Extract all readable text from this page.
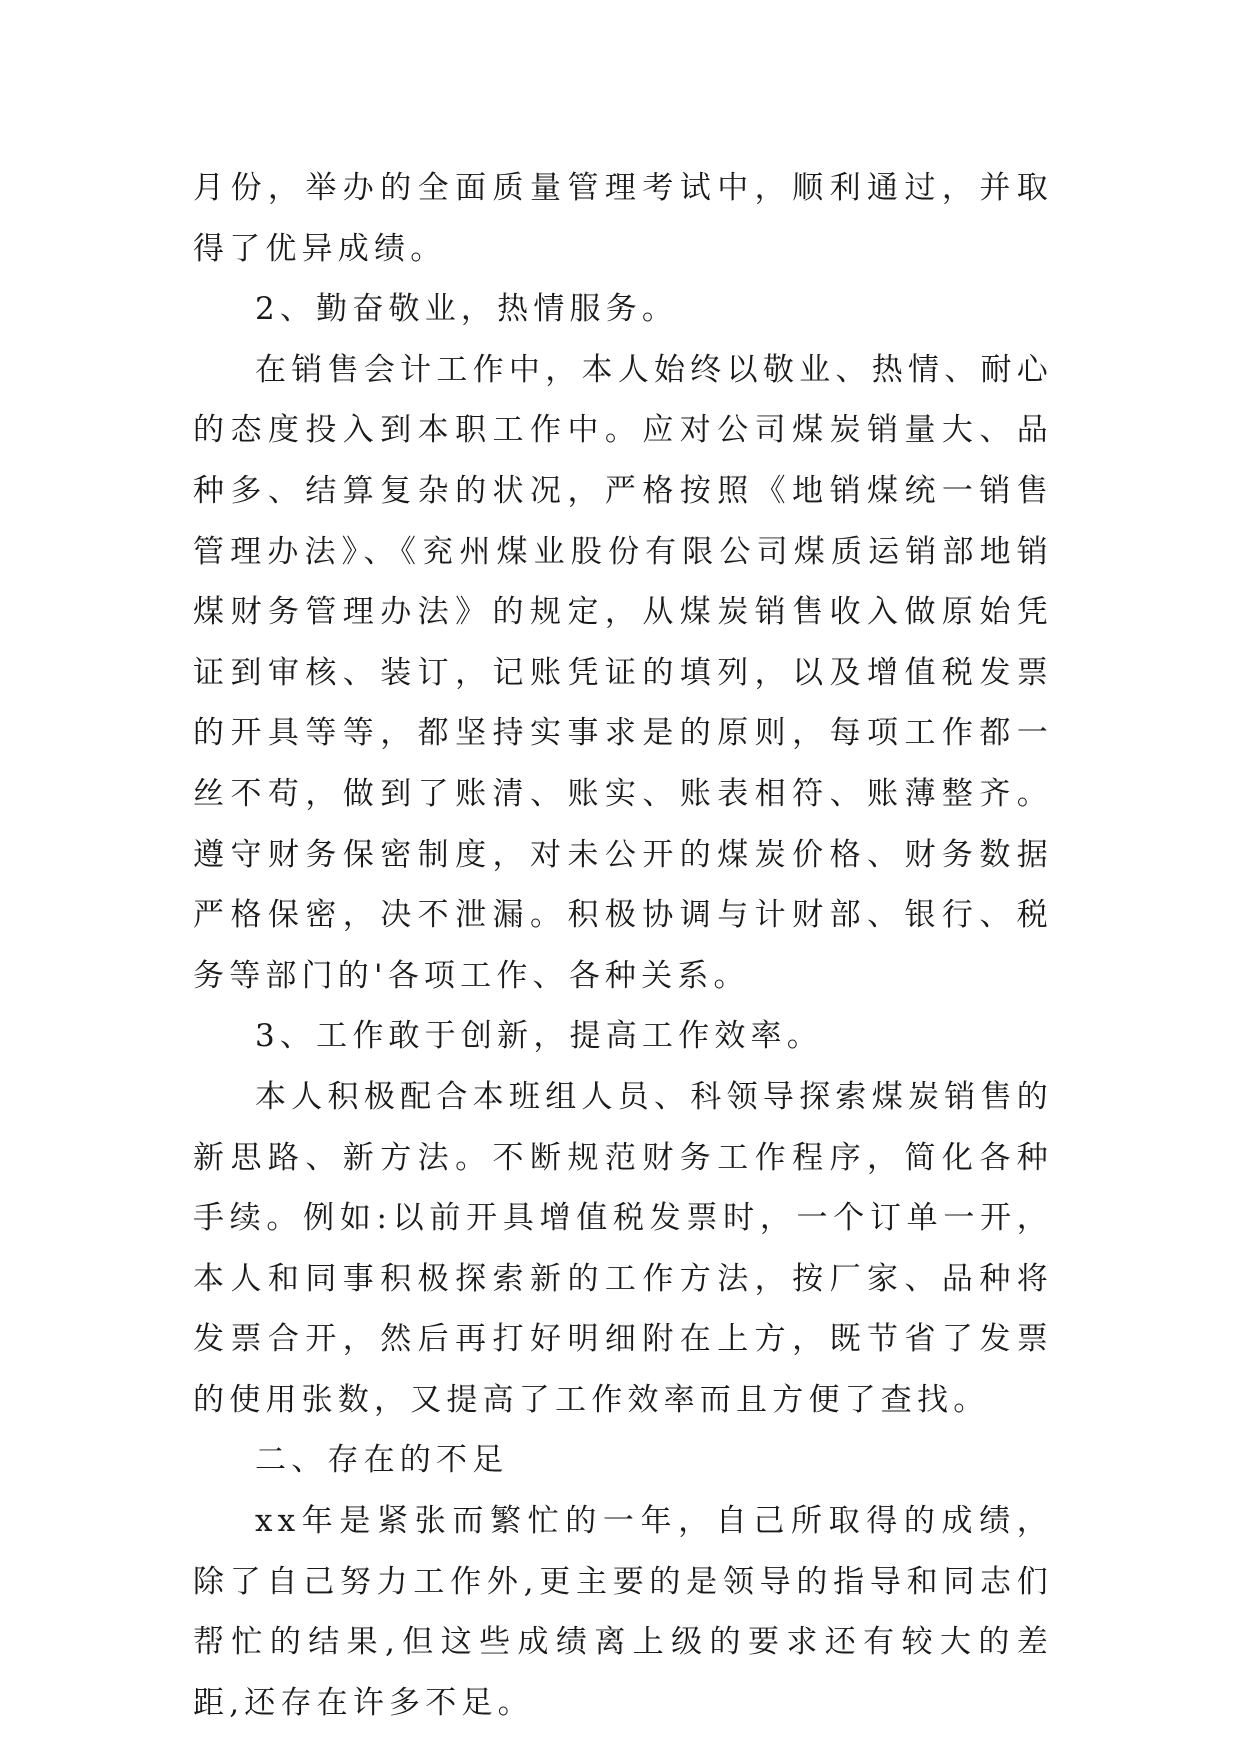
月份，举办的全面质量管理考试中，顺利通过，并取得了优异成绩。

2、勤奋敬业，热情服务。

在销售会计工作中，本人始终以敬业、热情、耐心的态度投入到本职工作中。应对公司煤炭销量大、品种多、结算复杂的状况，严格按照《地销煤统一销售管理办法》、《兖州煤业股份有限公司煤质运销部地销煤财务管理办法》的规定，从煤炭销售收入做原始凭证到审核、装订，记账凭证的填列，以及增值税发票的开具等等，都坚持实事求是的原则，每项工作都一丝不苟，做到了账清、账实、账表相符、账薄整齐。遵守财务保密制度，对未公开的煤炭价格、财务数据严格保密，决不泄漏。积极协调与计财部、银行、税务等部门的'各项工作、各种关系。

3、工作敢于创新，提高工作效率。

本人积极配合本班组人员、科领导探索煤炭销售的新思路、新方法。不断规范财务工作程序，简化各种手续。例如:以前开具增值税发票时，一个订单一开，本人和同事积极探索新的工作方法，按厂家、品种将发票合开，然后再打好明细附在上方，既节省了发票的使用张数，又提高了工作效率而且方便了查找。

二、存在的不足

xx年是紧张而繁忙的一年，自己所取得的成绩，除了自己努力工作外,更主要的是领导的指导和同志们帮忙的结果,但这些成绩离上级的要求还有较大的差距,还存在许多不足。
